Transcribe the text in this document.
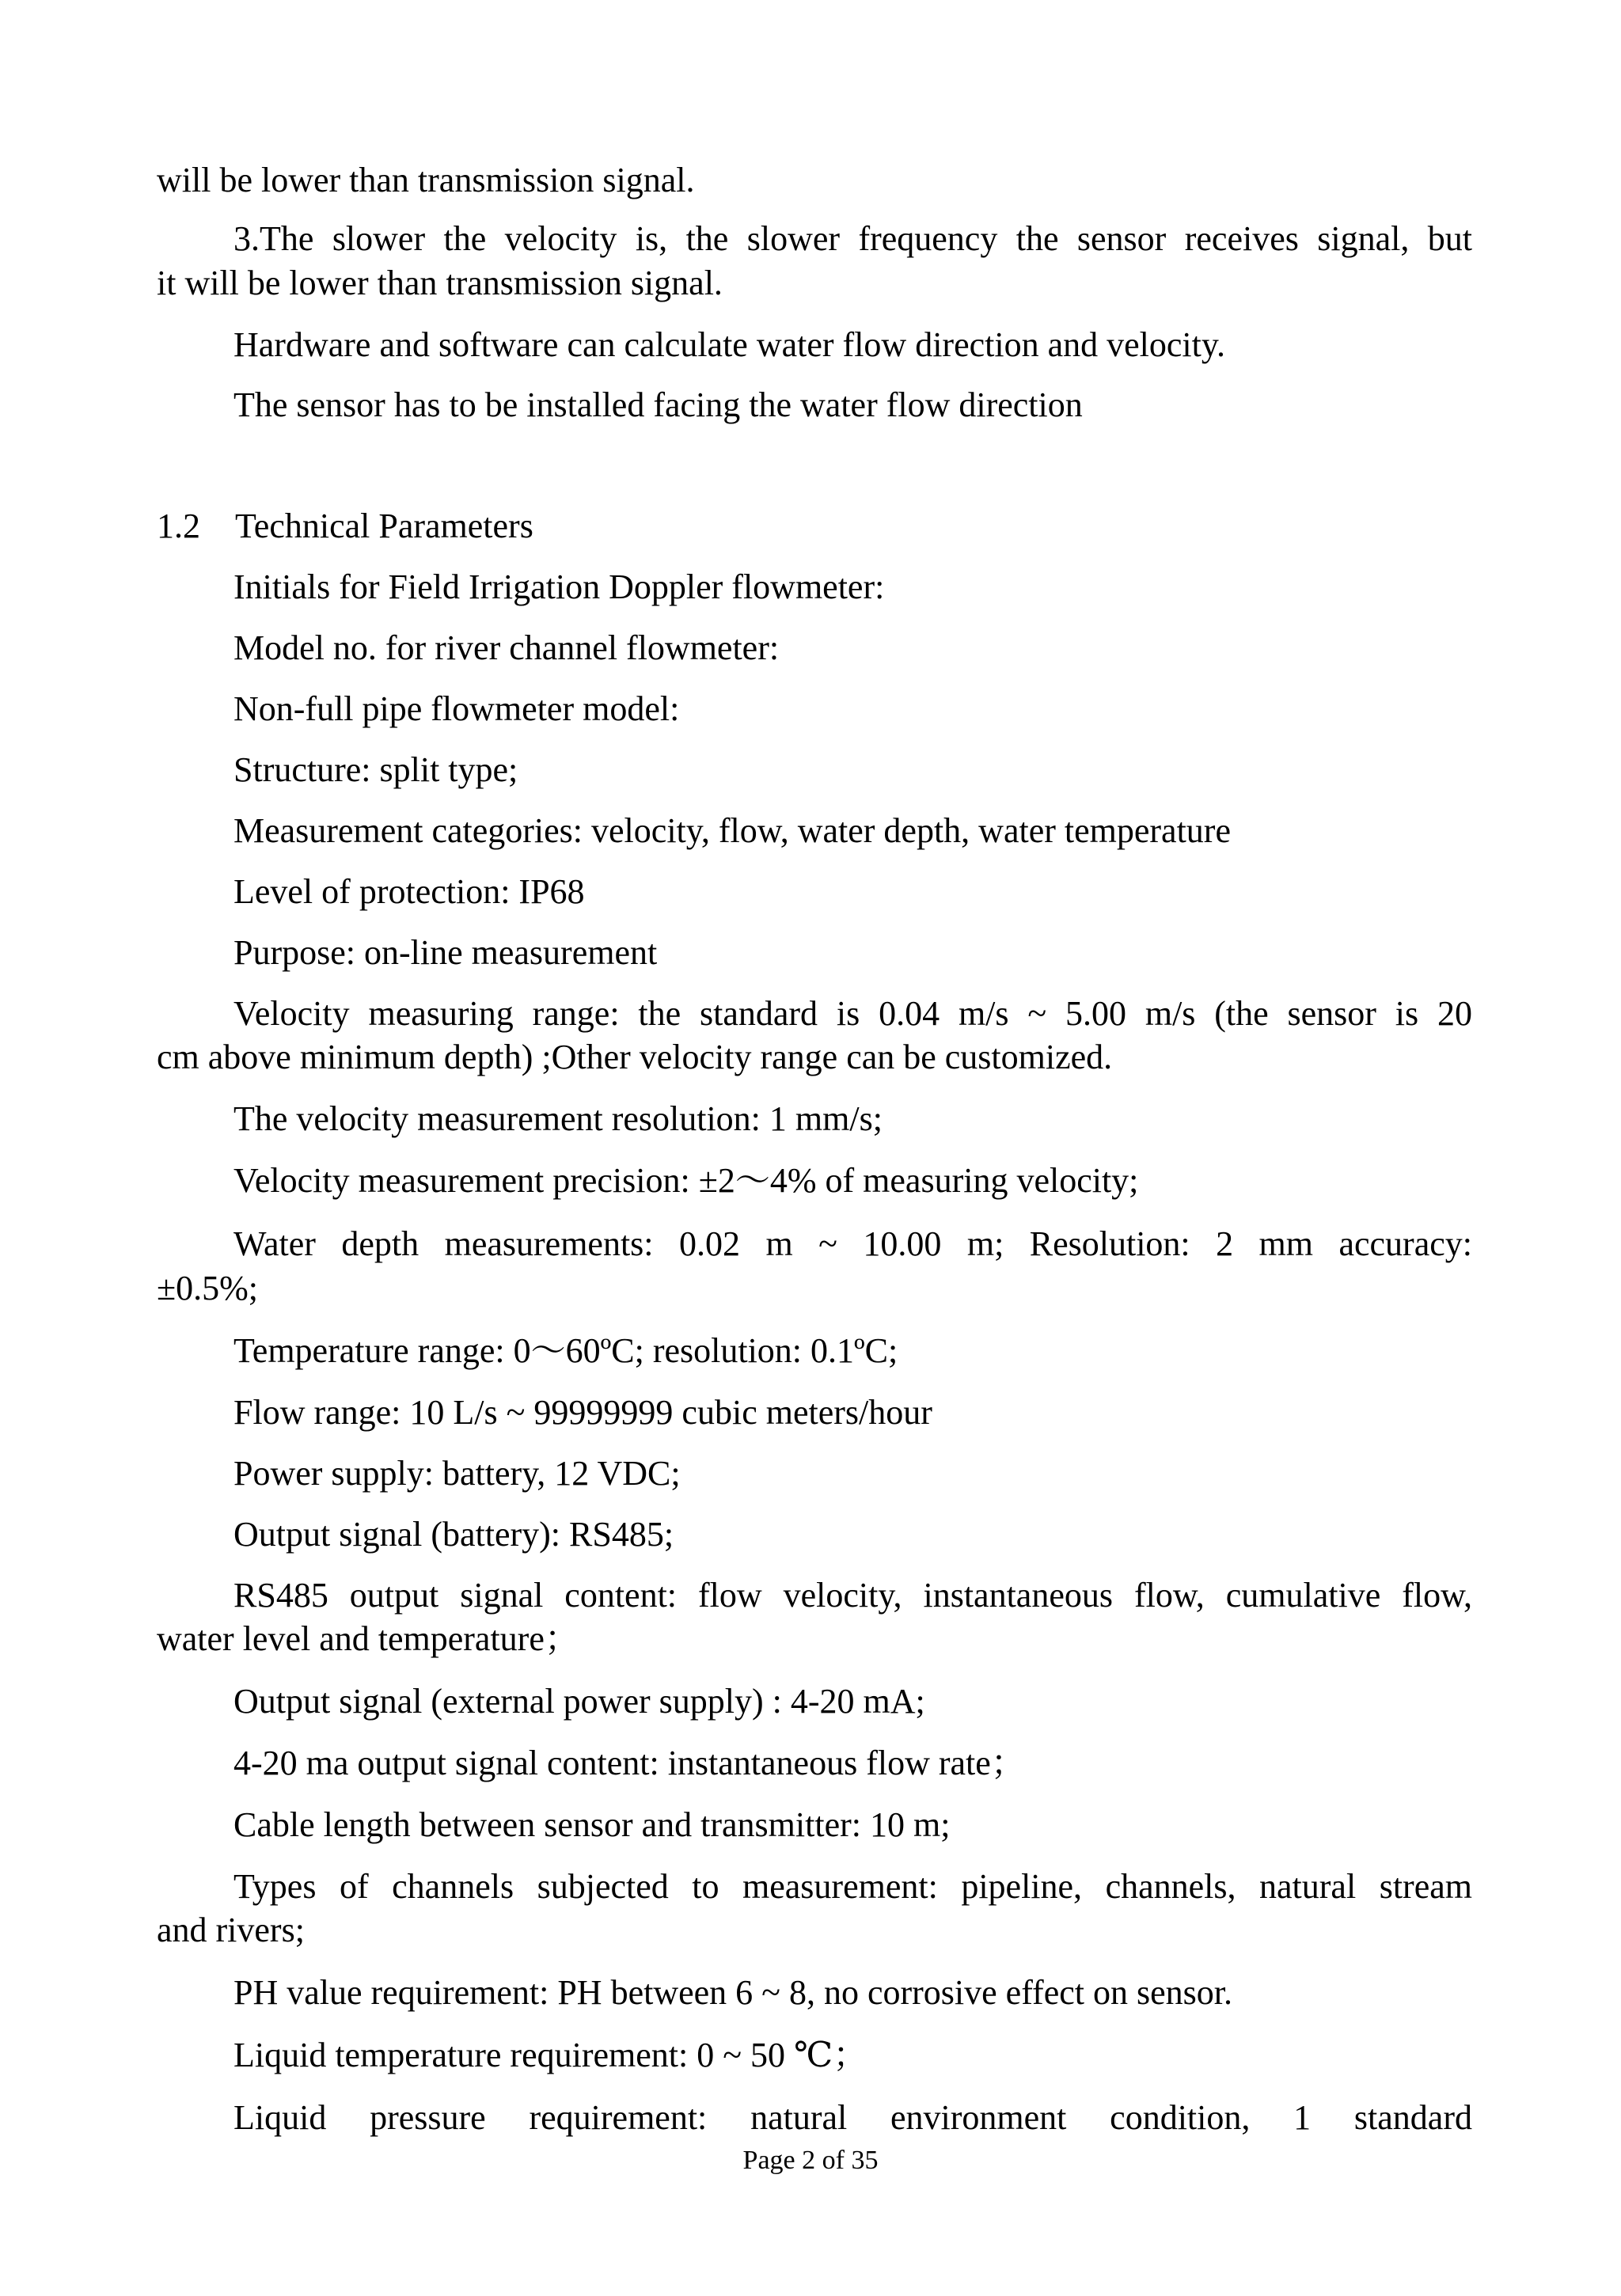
will be lower than transmission signal.
3.The slower the velocity is, the slower frequency the sensor receives signal, but
it will be lower than transmission signal.
Hardware and software can calculate water flow direction and velocity.
The sensor has to be installed facing the water flow direction
1.2　Technical Parameters
Initials for Field Irrigation Doppler flowmeter:
Model no. for river channel flowmeter:
Non-full pipe flowmeter model:
Structure: split type;
Measurement categories: velocity, flow, water depth, water temperature
Level of protection: IP68
Purpose: on-line measurement
Velocity measuring range: the standard is 0.04 m/s ~ 5.00 m/s (the sensor is 20
cm above minimum depth) ;Other velocity range can be customized.
The velocity measurement resolution: 1 mm/s;
Velocity measurement precision: ±2～4% of measuring velocity;
Water depth measurements: 0.02 m ~ 10.00 m; Resolution: 2 mm accuracy:
±0.5%;
Temperature range: 0～60ºC; resolution: 0.1ºC;
Flow range: 10 L/s ~ 99999999 cubic meters/hour
Power supply: battery, 12 VDC;
Output signal (battery): RS485;
RS485 output signal content: flow velocity, instantaneous flow, cumulative flow,
water level and temperature；
Output signal (external power supply) : 4-20 mA;
4-20 ma output signal content: instantaneous flow rate；
Cable length between sensor and transmitter: 10 m;
Types of channels subjected to measurement: pipeline, channels, natural stream
and rivers;
PH value requirement: PH between 6 ~ 8, no corrosive effect on sensor.
Liquid temperature requirement: 0 ~ 50 ℃；
Liquid pressure requirement: natural environment condition, 1 standard
Page 2 of 35
